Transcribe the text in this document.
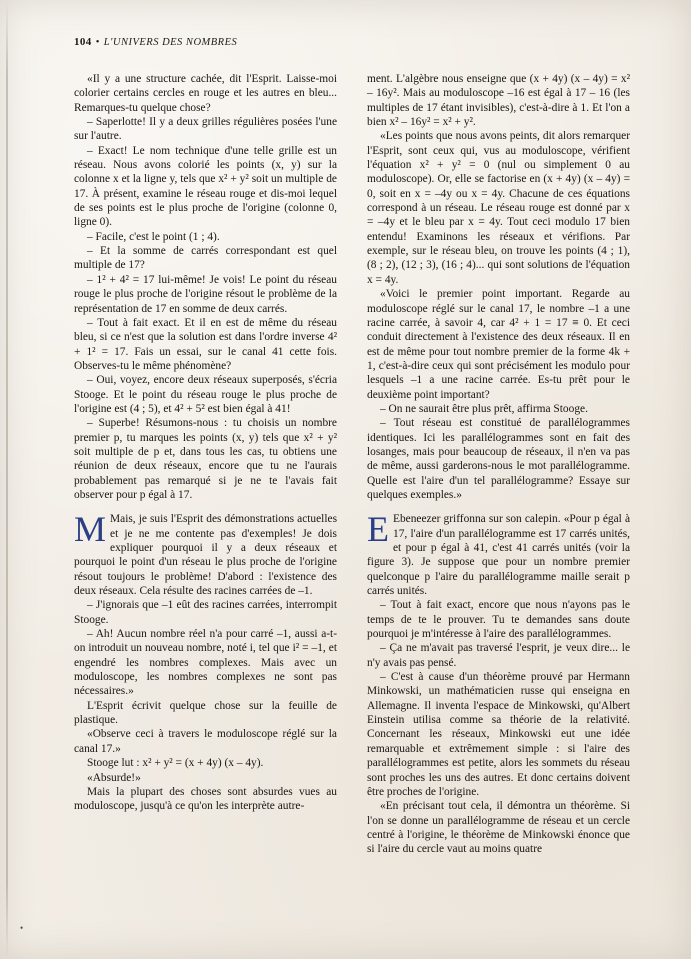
104 • L'UNIVERS DES NOMBRES

«Il y a une structure cachée, dit l'Esprit. Laisse-moi colorier certains cercles en rouge et les autres en bleu... Remarques-tu quelque chose?

– Saperlotte! Il y a deux grilles régulières posées l'une sur l'autre.

– Exact! Le nom technique d'une telle grille est un réseau. Nous avons colorié les points (x, y) sur la colonne x et la ligne y, tels que x² + y² soit un multiple de 17. À présent, examine le réseau rouge et dis-moi lequel de ses points est le plus proche de l'origine (colonne 0, ligne 0).

– Facile, c'est le point (1 ; 4).

– Et la somme de carrés correspondant est quel multiple de 17?

– 1² + 4² = 17 lui-même! Je vois! Le point du réseau rouge le plus proche de l'origine résout le problème de la représentation de 17 en somme de deux carrés.

– Tout à fait exact. Et il en est de même du réseau bleu, si ce n'est que la solution est dans l'ordre inverse 4² + 1² = 17. Fais un essai, sur le canal 41 cette fois. Observes-tu le même phénomène?

– Oui, voyez, encore deux réseaux superposés, s'écria Stooge. Et le point du réseau rouge le plus proche de l'origine est (4 ; 5), et 4² + 5² est bien égal à 41!

– Superbe! Résumons-nous : tu choisis un nombre premier p, tu marques les points (x, y) tels que x² + y² soit multiple de p et, dans tous les cas, tu obtiens une réunion de deux réseaux, encore que tu ne l'aurais probablement pas remarqué si je ne te l'avais fait observer pour p égal à 17.

M Mais, je suis l'Esprit des démonstrations actuelles et je ne me contente pas d'exemples! Je dois expliquer pourquoi il y a deux réseaux et pourquoi le point d'un réseau le plus proche de l'origine résout toujours le problème! D'abord : l'existence des deux réseaux. Cela résulte des racines carrées de –1.

– J'ignorais que –1 eût des racines carrées, interrompit Stooge.

– Ah! Aucun nombre réel n'a pour carré –1, aussi a-t-on introduit un nouveau nombre, noté i, tel que i² = –1, et engendré les nombres complexes. Mais avec un moduloscope, les nombres complexes ne sont pas nécessaires.»

L'Esprit écrivit quelque chose sur la feuille de plastique.

«Observe ceci à travers le moduloscope réglé sur la canal 17.»

Stooge lut : x² + y² = (x + 4y) (x – 4y).

«Absurde!»

Mais la plupart des choses sont absurdes vues au moduloscope, jusqu'à ce qu'on les interprète autre-

ment. L'algèbre nous enseigne que (x + 4y) (x – 4y) = x² – 16y². Mais au moduloscope –16 est égal à 17 – 16 (les multiples de 17 étant invisibles), c'est-à-dire à 1. Et l'on a bien x² – 16y² = x² + y².

«Les points que nous avons peints, dit alors remarquer l'Esprit, sont ceux qui, vus au moduloscope, vérifient l'équation x² + y² = 0 (nul ou simplement 0 au moduloscope). Or, elle se factorise en (x + 4y) (x – 4y) = 0, soit en x = –4y ou x = 4y. Chacune de ces équations correspond à un réseau. Le réseau rouge est donné par x = –4y et le bleu par x = 4y. Tout ceci modulo 17 bien entendu! Examinons les réseaux et vérifions. Par exemple, sur le réseau bleu, on trouve les points (4 ; 1), (8 ; 2), (12 ; 3), (16 ; 4)... qui sont solutions de l'équation x = 4y.

«Voici le premier point important. Regarde au moduloscope réglé sur le canal 17, le nombre –1 a une racine carrée, à savoir 4, car 4² + 1 = 17 ≡ 0. Et ceci conduit directement à l'existence des deux réseaux. Il en est de même pour tout nombre premier de la forme 4k + 1, c'est-à-dire ceux qui sont précisément les modulo pour lesquels –1 a une racine carrée. Es-tu prêt pour le deuxième point important?

– On ne saurait être plus prêt, affirma Stooge.

– Tout réseau est constitué de parallélogrammes identiques. Ici les parallélogrammes sont en fait des losanges, mais pour beaucoup de réseaux, il n'en va pas de même, aussi garderons-nous le mot parallélogramme. Quelle est l'aire d'un tel parallélogramme? Essaye sur quelques exemples.»

E Ebeneezer griffonna sur son calepin. «Pour p égal à 17, l'aire d'un parallélogramme est 17 carrés unités, et pour p égal à 41, c'est 41 carrés unités (voir la figure 3). Je suppose que pour un nombre premier quelconque p l'aire du parallélogramme maille serait p carrés unités.

– Tout à fait exact, encore que nous n'ayons pas le temps de te le prouver. Tu te demandes sans doute pourquoi je m'intéresse à l'aire des parallélogrammes.

– Ça ne m'avait pas traversé l'esprit, je veux dire... le n'y avais pas pensé.

– C'est à cause d'un théorème prouvé par Hermann Minkowski, un mathématicien russe qui enseigna en Allemagne. Il inventa l'espace de Minkowski, qu'Albert Einstein utilisa comme sa théorie de la relativité. Concernant les réseaux, Minkowski eut une idée remarquable et extrêmement simple : si l'aire des parallélogrammes est petite, alors les sommets du réseau sont proches les uns des autres. Et donc certains doivent être proches de l'origine.

«En précisant tout cela, il démontra un théorème. Si l'on se donne un parallélogramme de réseau et un cercle centré à l'origine, le théorème de Minkowski énonce que si l'aire du cercle vaut au moins quatre

•
